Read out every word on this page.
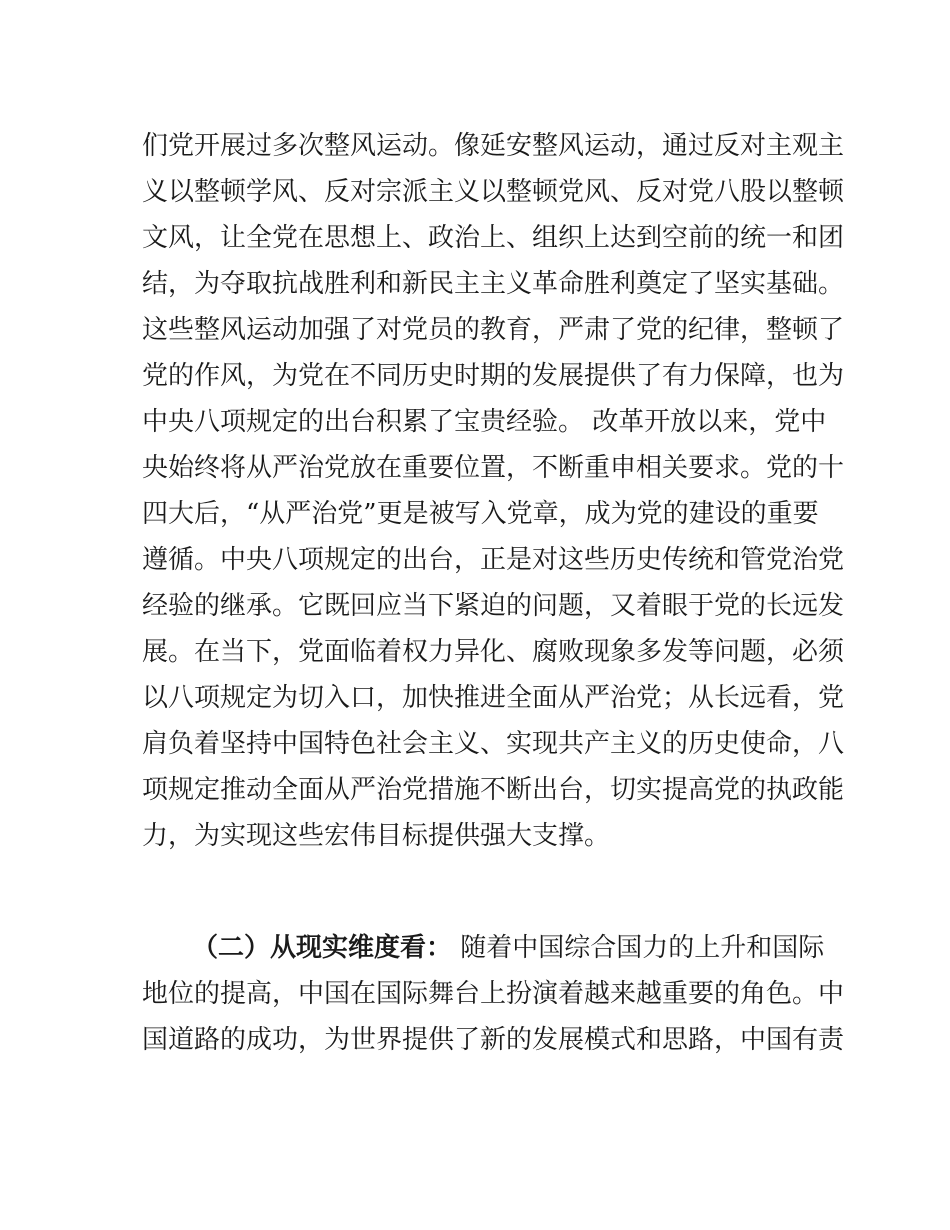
们党开展过多次整风运动。像延安整风运动，通过反对主观主
义以整顿学风、反对宗派主义以整顿党风、反对党八股以整顿
文风，让全党在思想上、政治上、组织上达到空前的统一和团
结，为夺取抗战胜利和新民主主义革命胜利奠定了坚实基础。
这些整风运动加强了对党员的教育，严肃了党的纪律，整顿了
党的作风，为党在不同历史时期的发展提供了有力保障，也为
中央八项规定的出台积累了宝贵经验。 改革开放以来，党中
央始终将从严治党放在重要位置，不断重申相关要求。党的十
四大后，“从严治党”更是被写入党章，成为党的建设的重要
遵循。中央八项规定的出台，正是对这些历史传统和管党治党
经验的继承。它既回应当下紧迫的问题，又着眼于党的长远发
展。在当下，党面临着权力异化、腐败现象多发等问题，必须
以八项规定为切入口，加快推进全面从严治党；从长远看，党
肩负着坚持中国特色社会主义、实现共产主义的历史使命，八
项规定推动全面从严治党措施不断出台，切实提高党的执政能
力，为实现这些宏伟目标提供强大支撑。
（二）从现实维度看： 随着中国综合国力的上升和国际
地位的提高，中国在国际舞台上扮演着越来越重要的角色。中
国道路的成功，为世界提供了新的发展模式和思路，中国有责
